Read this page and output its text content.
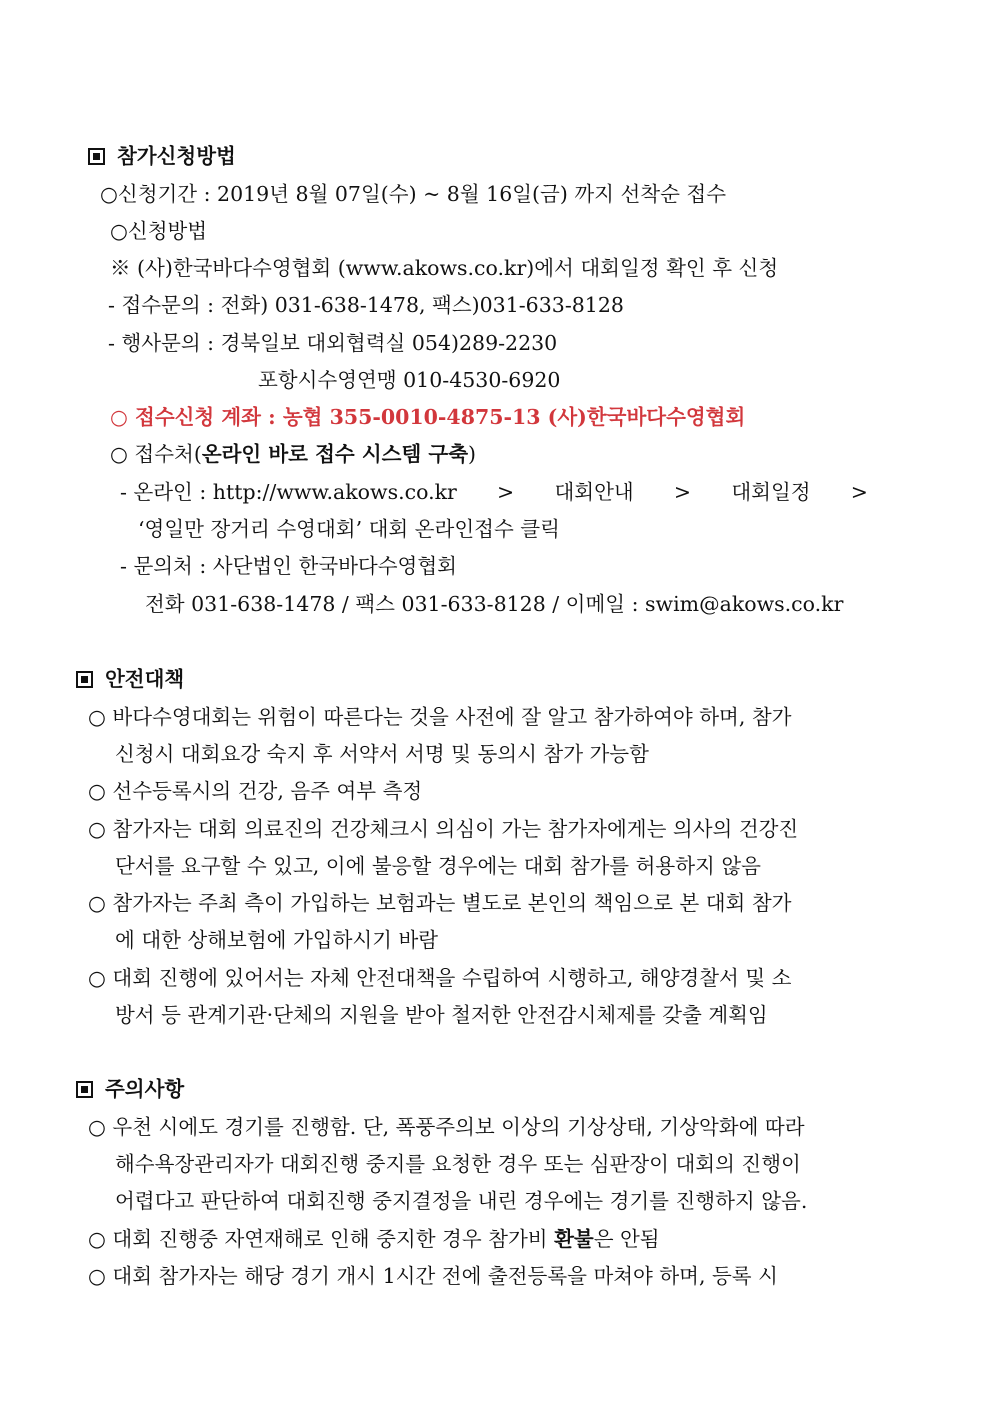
참가신청방법
○신청기간 : 2019년 8월 07일(수) ~ 8월 16일(금) 까지 선착순 접수
○신청방법
※ (사)한국바다수영협회 (www.akows.co.kr)에서 대회일정 확인 후 신청
- 접수문의 : 전화) 031-638-1478, 팩스)031-633-8128
- 행사문의 : 경북일보 대외협력실 054)289-2230
포항시수영연맹 010-4530-6920
○ 접수신청 계좌 : 농협 355-0010-4875-13 (사)한국바다수영협회
○ 접수처(온라인 바로 접수 시스템 구축)
- 온라인 : http://www.akows.co.kr > 대회안내 > 대회일정 >
‘영일만 장거리 수영대회’ 대회 온라인접수 클릭
- 문의처 : 사단법인 한국바다수영협회
전화 031-638-1478 / 팩스 031-633-8128 / 이메일 : swim@akows.co.kr
안전대책
○ 바다수영대회는 위험이 따른다는 것을 사전에 잘 알고 참가하여야 하며, 참가
신청시 대회요강 숙지 후 서약서 서명 및 동의시 참가 가능함
○ 선수등록시의 건강, 음주 여부 측정
○ 참가자는 대회 의료진의 건강체크시 의심이 가는 참가자에게는 의사의 건강진
단서를 요구할 수 있고, 이에 불응할 경우에는 대회 참가를 허용하지 않음
○ 참가자는 주최 측이 가입하는 보험과는 별도로 본인의 책임으로 본 대회 참가
에 대한 상해보험에 가입하시기 바람
○ 대회 진행에 있어서는 자체 안전대책을 수립하여 시행하고, 해양경찰서 및 소
방서 등 관계기관·단체의 지원을 받아 철저한 안전감시체제를 갖출 계획임
주의사항
○ 우천 시에도 경기를 진행함. 단, 폭풍주의보 이상의 기상상태, 기상악화에 따라
해수욕장관리자가 대회진행 중지를 요청한 경우 또는 심판장이 대회의 진행이
어렵다고 판단하여 대회진행 중지결정을 내린 경우에는 경기를 진행하지 않음.
○ 대회 진행중 자연재해로 인해 중지한 경우 참가비 환불은 안됨
○ 대회 참가자는 해당 경기 개시 1시간 전에 출전등록을 마쳐야 하며, 등록 시
